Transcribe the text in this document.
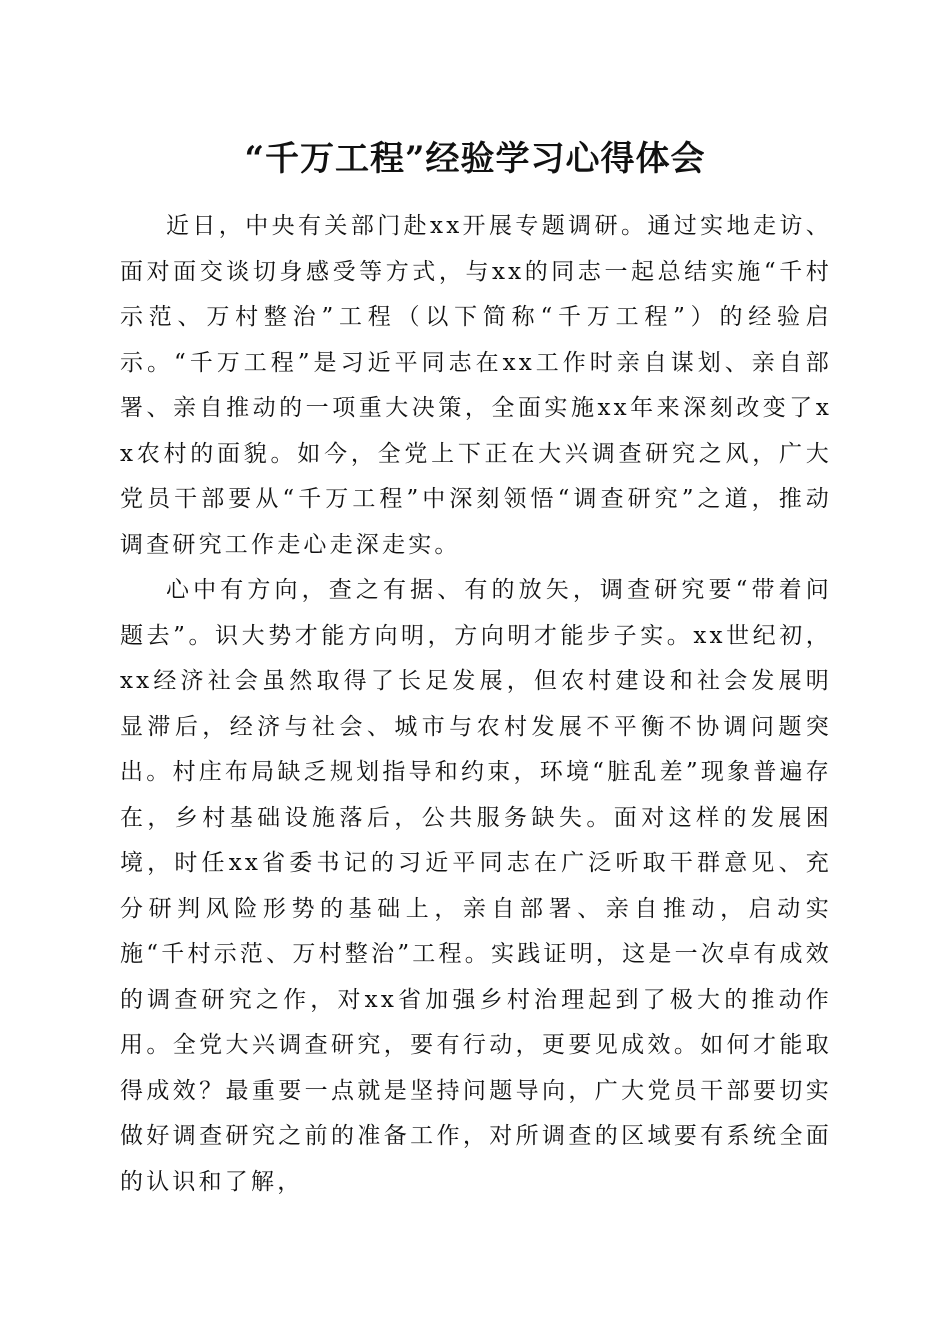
“千万工程”经验学习心得体会

近日，中央有关部门赴xx开展专题调研。通过实地走访、面对面交谈切身感受等方式，与xx的同志一起总结实施“千村示范、万村整治”工程（以下简称“千万工程”）的经验启示。“千万工程”是习近平同志在xx工作时亲自谋划、亲自部署、亲自推动的一项重大决策，全面实施xx年来深刻改变了xx农村的面貌。如今，全党上下正在大兴调查研究之风，广大党员干部要从“千万工程”中深刻领悟“调查研究”之道，推动调查研究工作走心走深走实。

心中有方向，查之有据、有的放矢，调查研究要“带着问题去”。识大势才能方向明，方向明才能步子实。xx世纪初，xx经济社会虽然取得了长足发展，但农村建设和社会发展明显滞后，经济与社会、城市与农村发展不平衡不协调问题突出。村庄布局缺乏规划指导和约束，环境“脏乱差”现象普遍存在，乡村基础设施落后，公共服务缺失。面对这样的发展困境，时任xx省委书记的习近平同志在广泛听取干群意见、充分研判风险形势的基础上，亲自部署、亲自推动，启动实施“千村示范、万村整治”工程。实践证明，这是一次卓有成效的调查研究之作，对xx省加强乡村治理起到了极大的推动作用。全党大兴调查研究，要有行动，更要见成效。如何才能取得成效？最重要一点就是坚持问题导向，广大党员干部要切实做好调查研究之前的准备工作，对所调查的区域要有系统全面的认识和了解，
